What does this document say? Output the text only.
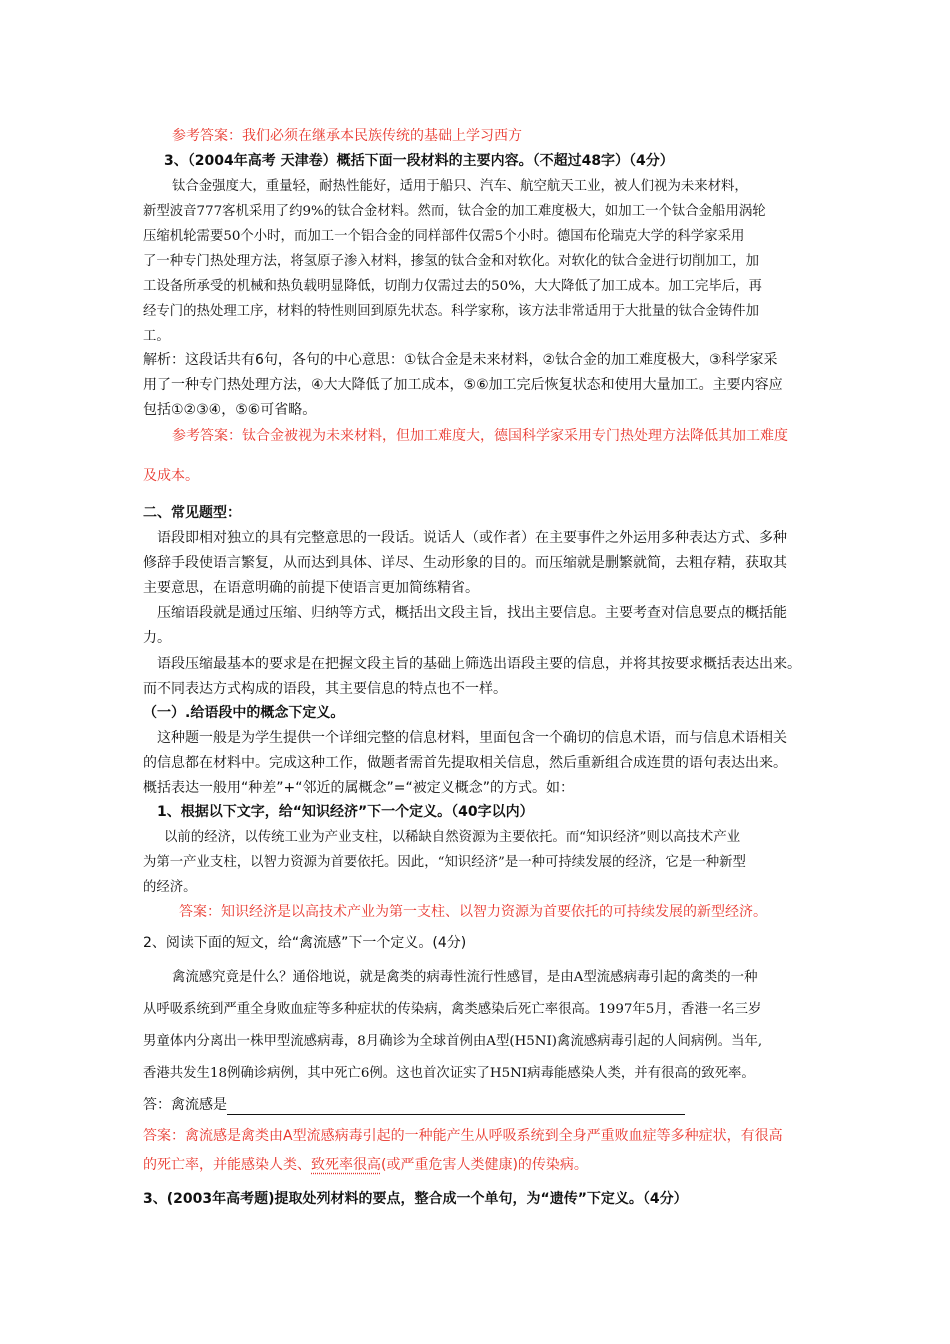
参考答案：我们必须在继承本民族传统的基础上学习西方
3、（2004年高考 天津卷）概括下面一段材料的主要内容。（不超过48字）（4分）
钛合金强度大，重量轻，耐热性能好，适用于船只、汽车、航空航天工业，被人们视为未来材料，
新型波音777客机采用了约9%的钛合金材料。然而，钛合金的加工难度极大，如加工一个钛合金船用涡轮
压缩机轮需要50个小时，而加工一个铝合金的同样部件仅需5个小时。德国布伦瑞克大学的科学家采用
了一种专门热处理方法，将氢原子渗入材料，掺氢的钛合金和对软化。对软化的钛合金进行切削加工，加
工设备所承受的机械和热负载明显降低，切削力仅需过去的50%，大大降低了加工成本。加工完毕后，再
经专门的热处理工序，材料的特性则回到原先状态。科学家称，该方法非常适用于大批量的钛合金铸件加
工。
解析：这段话共有6句，各句的中心意思：①钛合金是未来材料，②钛合金的加工难度极大，③科学家采
用了一种专门热处理方法，④大大降低了加工成本，⑤⑥加工完后恢复状态和使用大量加工。主要内容应
包括①②③④，⑤⑥可省略。
参考答案：钛合金被视为未来材料，但加工难度大，德国科学家采用专门热处理方法降低其加工难度
及成本。
二、常见题型：
语段即相对独立的具有完整意思的一段话。说话人（或作者）在主要事件之外运用多种表达方式、多种
修辞手段使语言繁复，从而达到具体、详尽、生动形象的目的。而压缩就是删繁就简，去粗存精，获取其
主要意思，在语意明确的前提下使语言更加简练精省。
压缩语段就是通过压缩、归纳等方式，概括出文段主旨，找出主要信息。主要考查对信息要点的概括能
力。
语段压缩最基本的要求是在把握文段主旨的基础上筛选出语段主要的信息，并将其按要求概括表达出来。
而不同表达方式构成的语段，其主要信息的特点也不一样。
（一）.给语段中的概念下定义。
这种题一般是为学生提供一个详细完整的信息材料，里面包含一个确切的信息术语，而与信息术语相关
的信息都在材料中。完成这种工作，做题者需首先提取相关信息，然后重新组合成连贯的语句表达出来。
概括表达一般用“种差”+“邻近的属概念”=“被定义概念”的方式。如：
1、根据以下文字，给“知识经济”下一个定义。（40字以内）
以前的经济，以传统工业为产业支柱，以稀缺自然资源为主要依托。而“知识经济”则以高技术产业
为第一产业支柱，以智力资源为首要依托。因此，“知识经济”是一种可持续发展的经济，它是一种新型
的经济。
答案：知识经济是以高技术产业为第一支柱、以智力资源为首要依托的可持续发展的新型经济。
2、阅读下面的短文，给“禽流感”下一个定义。(4分)
禽流感究竟是什么？通俗地说，就是禽类的病毒性流行性感冒，是由A型流感病毒引起的禽类的一种
从呼吸系统到严重全身败血症等多种症状的传染病，禽类感染后死亡率很高。1997年5月，香港一名三岁
男童体内分离出一株甲型流感病毒，8月确诊为全球首例由A型(H5NI)禽流感病毒引起的人间病例。当年,
香港共发生18例确诊病例，其中死亡6例。这也首次证实了H5NI病毒能感染人类，并有很高的致死率。
答：禽流感是
答案：禽流感是禽类由A型流感病毒引起的一种能产生从呼吸系统到全身严重败血症等多种症状，有很高
的死亡率，并能感染人类、致死率很高(或严重危害人类健康)的传染病。
3、(2003年高考题)提取处列材料的要点，整合成一个单句，为“遗传”下定义。（4分）
